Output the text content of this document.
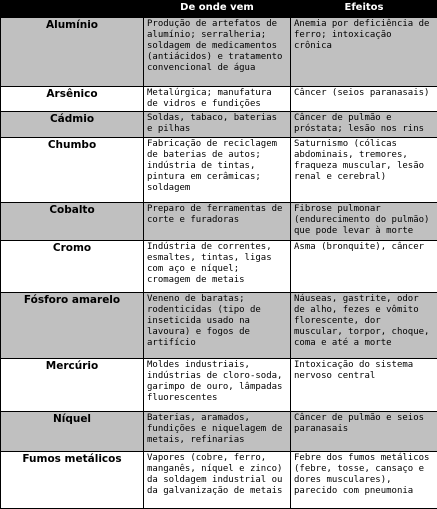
	De onde vem	Efeitos
Alumínio	Produção de artefatos de alumínio; serralheria; soldagem de medicamentos (antiácidos) e tratamento convencional de água	Anemia por deficiência de ferro; intoxicação crônica
Arsênico	Metalúrgica; manufatura de vidros e fundições	Câncer (seios paranasais)
Cádmio	Soldas, tabaco, baterias e pilhas	Câncer de pulmão e próstata; lesão nos rins
Chumbo	Fabricação de reciclagem de baterias de autos; indústria de tintas, pintura em cerâmicas; soldagem	Saturnismo (cólicas abdominais, tremores, fraqueza muscular, lesão renal e cerebral)
Cobalto	Preparo de ferramentas de corte e furadoras	Fibrose pulmonar (endurecimento do pulmão) que pode levar à morte
Cromo	Indústria de correntes, esmaltes, tintas, ligas com aço e níquel; cromagem de metais	Asma (bronquite), câncer
Fósforo amarelo	Veneno de baratas; rodenticidas (tipo de inseticida usado na lavoura) e fogos de artifício	Náuseas, gastrite, odor de alho, fezes e vômito florescente, dor muscular, torpor, choque, coma e até a morte
Mercúrio	Moldes industriais, indústrias de cloro-soda, garimpo de ouro, lâmpadas fluorescentes	Intoxicação do sistema nervoso central
Níquel	Baterias, aramados, fundições e niquelagem de metais, refinarias	Câncer de pulmão e seios paranasais
Fumos metálicos	Vapores (cobre, ferro, manganês, níquel e zinco) da soldagem industrial ou da galvanização de metais	Febre dos fumos metálicos (febre, tosse, cansaço e dores musculares), parecido com pneumonia
